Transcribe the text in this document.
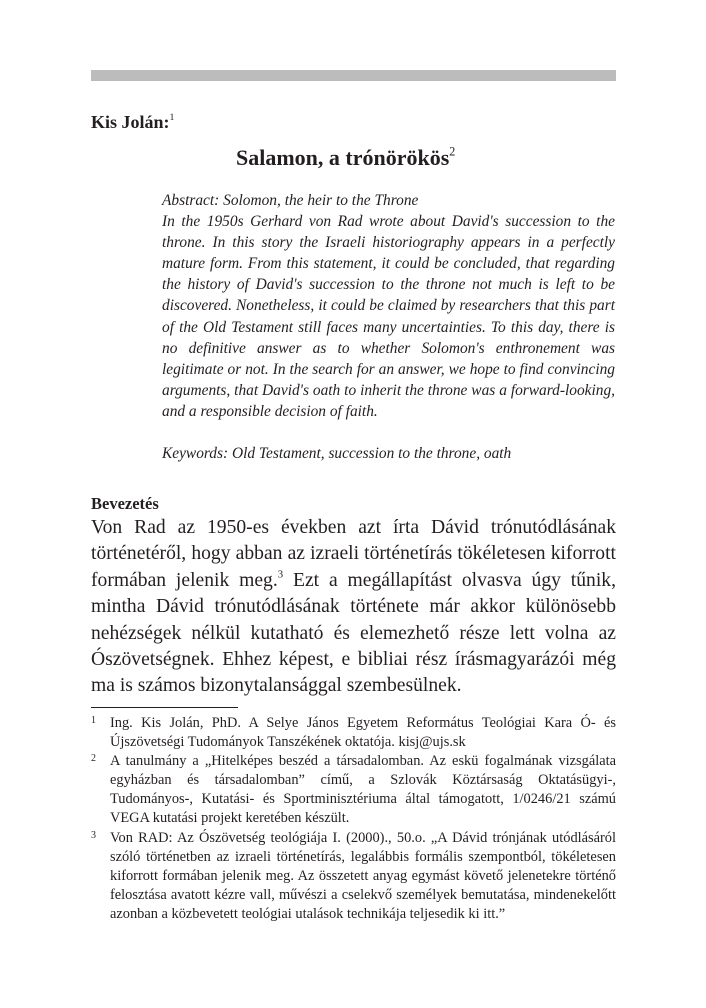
Kis Jolán:$^1$
Salamon, a trónörökös$^2$

Abstract: Solomon, the heir to the Throne

In the 1950s Gerhard von Rad wrote about David's succession to the throne. In this story the Israeli historiography appears in a perfectly mature form. From this statement, it could be concluded, that regarding the history of David's succession to the throne not much is left to be discovered. Nonetheless, it could be claimed by researchers that this part of the Old Testament still faces many uncertainties. To this day, there is no definitive answer as to whether Solomon's enthronement was legitimate or not. In the search for an answer, we hope to find convincing arguments, that David's oath to inherit the throne was a forward-looking, and a responsible decision of faith.

Keywords: Old Testament, succession to the throne, oath

Bevezetés

Von Rad az 1950-es években azt írta Dávid trónutódlásának történetéről, hogy abban az izraeli történetírás tökéletesen kiforrott formában jelenik meg.$^3$ Ezt a megállapítást olvasva úgy tűnik, mintha Dávid trónutódlásának története már akkor különösebb nehézségek nélkül kutatható és elemezhető része lett volna az Ószövetségnek. Ehhez képest, e bibliai rész írásmagyarázói még ma is számos bizonytalansággal szembesülnek.

1 Ing. Kis Jolán, PhD. A Selye János Egyetem Református Teológiai Kara Ó- és Újszövetségi Tudományok Tanszékének oktatója. kisj@ujs.sk
2 A tanulmány a „Hitelképes beszéd a társadalomban. Az eskü fogalmának vizsgálata egyházban és társadalomban” című, a Szlovák Köztársaság Oktatásügyi-, Tudományos-, Kutatási- és Sportminisztériuma által támogatott, 1/0246/21 számú VEGA kutatási projekt keretében készült.
3 Von RAD: Az Ószövetség teológiája I. (2000)., 50.o. „A Dávid trónjának utódlásáról szóló történetben az izraeli történetírás, legalábbis formális szempontból, tökéletesen kiforrott formában jelenik meg. Az összetett anyag egymást követő jelenetekre történő felosztása avatott kézre vall, művészi a cselekvő személyek bemutatása, mindenekelőtt azonban a közbevetett teológiai utalások technikája teljesedik ki itt.”
